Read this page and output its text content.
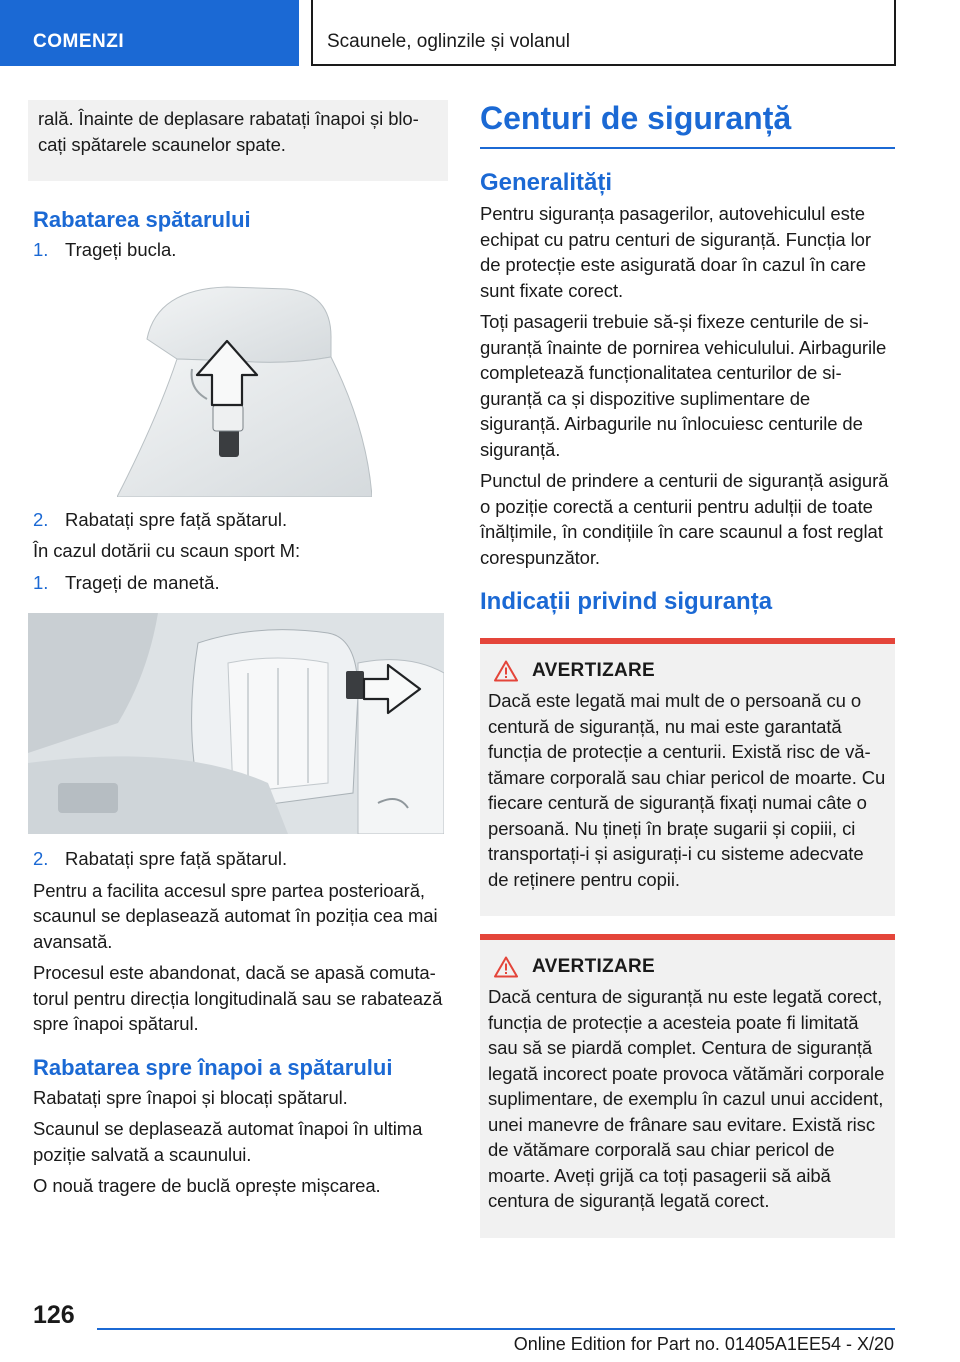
COMENZI	Scaunele, oglinzile și volanul

rală. Înainte de deplasare rabatați înapoi și blocați spătarele scaunelor spate.

Rabatarea spătarului
1. Trageți bucla.
2. Rabatați spre față spătarul.

În cazul dotării cu scaun sport M:

1. Trageți de manetă.
2. Rabatați spre față spătarul.

Pentru a facilita accesul spre partea posterioară, scaunul se deplasează automat în poziția cea mai avansată.

Procesul este abandonat, dacă se apasă comutatorul pentru direcția longitudinală sau se rabatează spre înapoi spătarul.

Rabatarea spre înapoi a spătarului

Rabatați spre înapoi și blocați spătarul.

Scaunul se deplasează automat înapoi în ultima poziție salvată a scaunului.

O nouă tragere de buclă oprește mișcarea.

Centuri de siguranță
Generalități

Pentru siguranța pasagerilor, autovehiculul este echipat cu patru centuri de siguranță. Funcția lor de protecție este asigurată doar în cazul în care sunt fixate corect.

Toți pasagerii trebuie să-și fixeze centurile de siguranță înainte de pornirea vehiculului. Airbagurile completează funcționalitatea centurilor de siguranță ca și dispozitive suplimentare de siguranță. Airbagurile nu înlocuiesc centurile de siguranță.

Punctul de prindere a centurii de siguranță asigură o poziție corectă a centurii pentru adulții de toate înălțimile, în condițiile în care scaunul a fost reglat corespunzător.

Indicații privind siguranța
AVERTIZARE

Dacă este legată mai mult de o persoană cu o centură de siguranță, nu mai este garantată funcția de protecție a centurii. Există risc de vătămare corporală sau chiar pericol de moarte. Cu fiecare centură de siguranță fixați numai câte o persoană. Nu țineți în brațe sugarii și copiii, ci transportați-i și asigurați-i cu sisteme adecvate de reținere pentru copii.

AVERTIZARE

Dacă centura de siguranță nu este legată corect, funcția de protecție a acesteia poate fi limitată sau să se piardă complet. Centura de siguranță legată incorect poate provoca vătămări corporale suplimentare, de exemplu în cazul unui accident, unei manevre de frânare sau evitare. Există risc de vătămare corporală sau chiar pericol de moarte. Aveți grijă ca toți pasagerii să aibă centura de siguranță legată corect.

126
Online Edition for Part no. 01405A1EE54 - X/20
